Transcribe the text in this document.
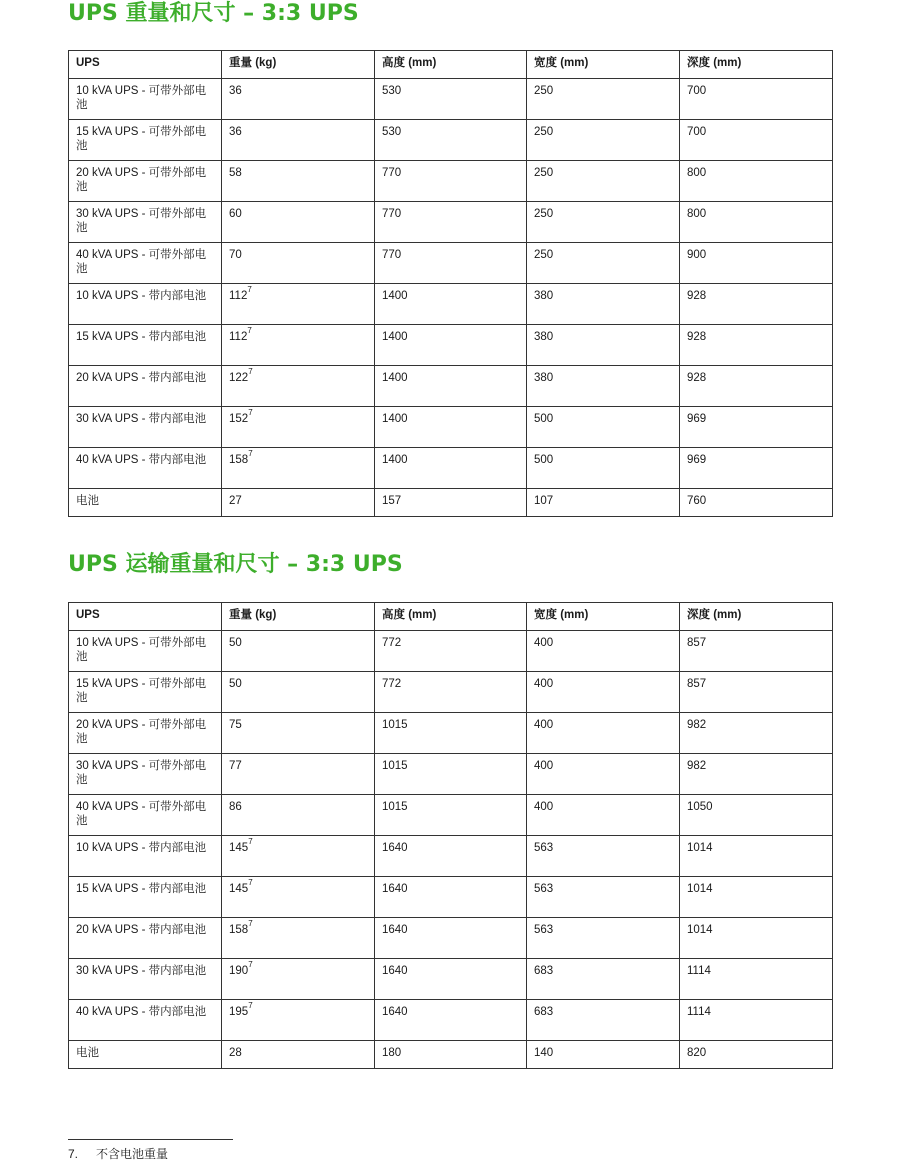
UPS 重量和尺寸 – 3:3 UPS
UPS	重量 (kg)	高度 (mm)	宽度 (mm)	深度 (mm)
10 kVA UPS - 可带外部电池	36	530	250	700
15 kVA UPS - 可带外部电池	36	530	250	700
20 kVA UPS - 可带外部电池	58	770	250	800
30 kVA UPS - 可带外部电池	60	770	250	800
40 kVA UPS - 可带外部电池	70	770	250	900
10 kVA UPS - 带内部电池	$112^7$	1400	380	928
15 kVA UPS - 带内部电池	$112^7$	1400	380	928
20 kVA UPS - 带内部电池	$122^7$	1400	380	928
30 kVA UPS - 带内部电池	$152^7$	1400	500	969
40 kVA UPS - 带内部电池	$158^7$	1400	500	969
电池	27	157	107	760
UPS 运输重量和尺寸 – 3:3 UPS
UPS	重量 (kg)	高度 (mm)	宽度 (mm)	深度 (mm)
10 kVA UPS - 可带外部电池	50	772	400	857
15 kVA UPS - 可带外部电池	50	772	400	857
20 kVA UPS - 可带外部电池	75	1015	400	982
30 kVA UPS - 可带外部电池	77	1015	400	982
40 kVA UPS - 可带外部电池	86	1015	400	1050
10 kVA UPS - 带内部电池	$145^7$	1640	563	1014
15 kVA UPS - 带内部电池	$145^7$	1640	563	1014
20 kVA UPS - 带内部电池	$158^7$	1640	563	1014
30 kVA UPS - 带内部电池	$190^7$	1640	683	1114
40 kVA UPS - 带内部电池	$195^7$	1640	683	1114
电池	28	180	140	820
7. 不含电池重量
